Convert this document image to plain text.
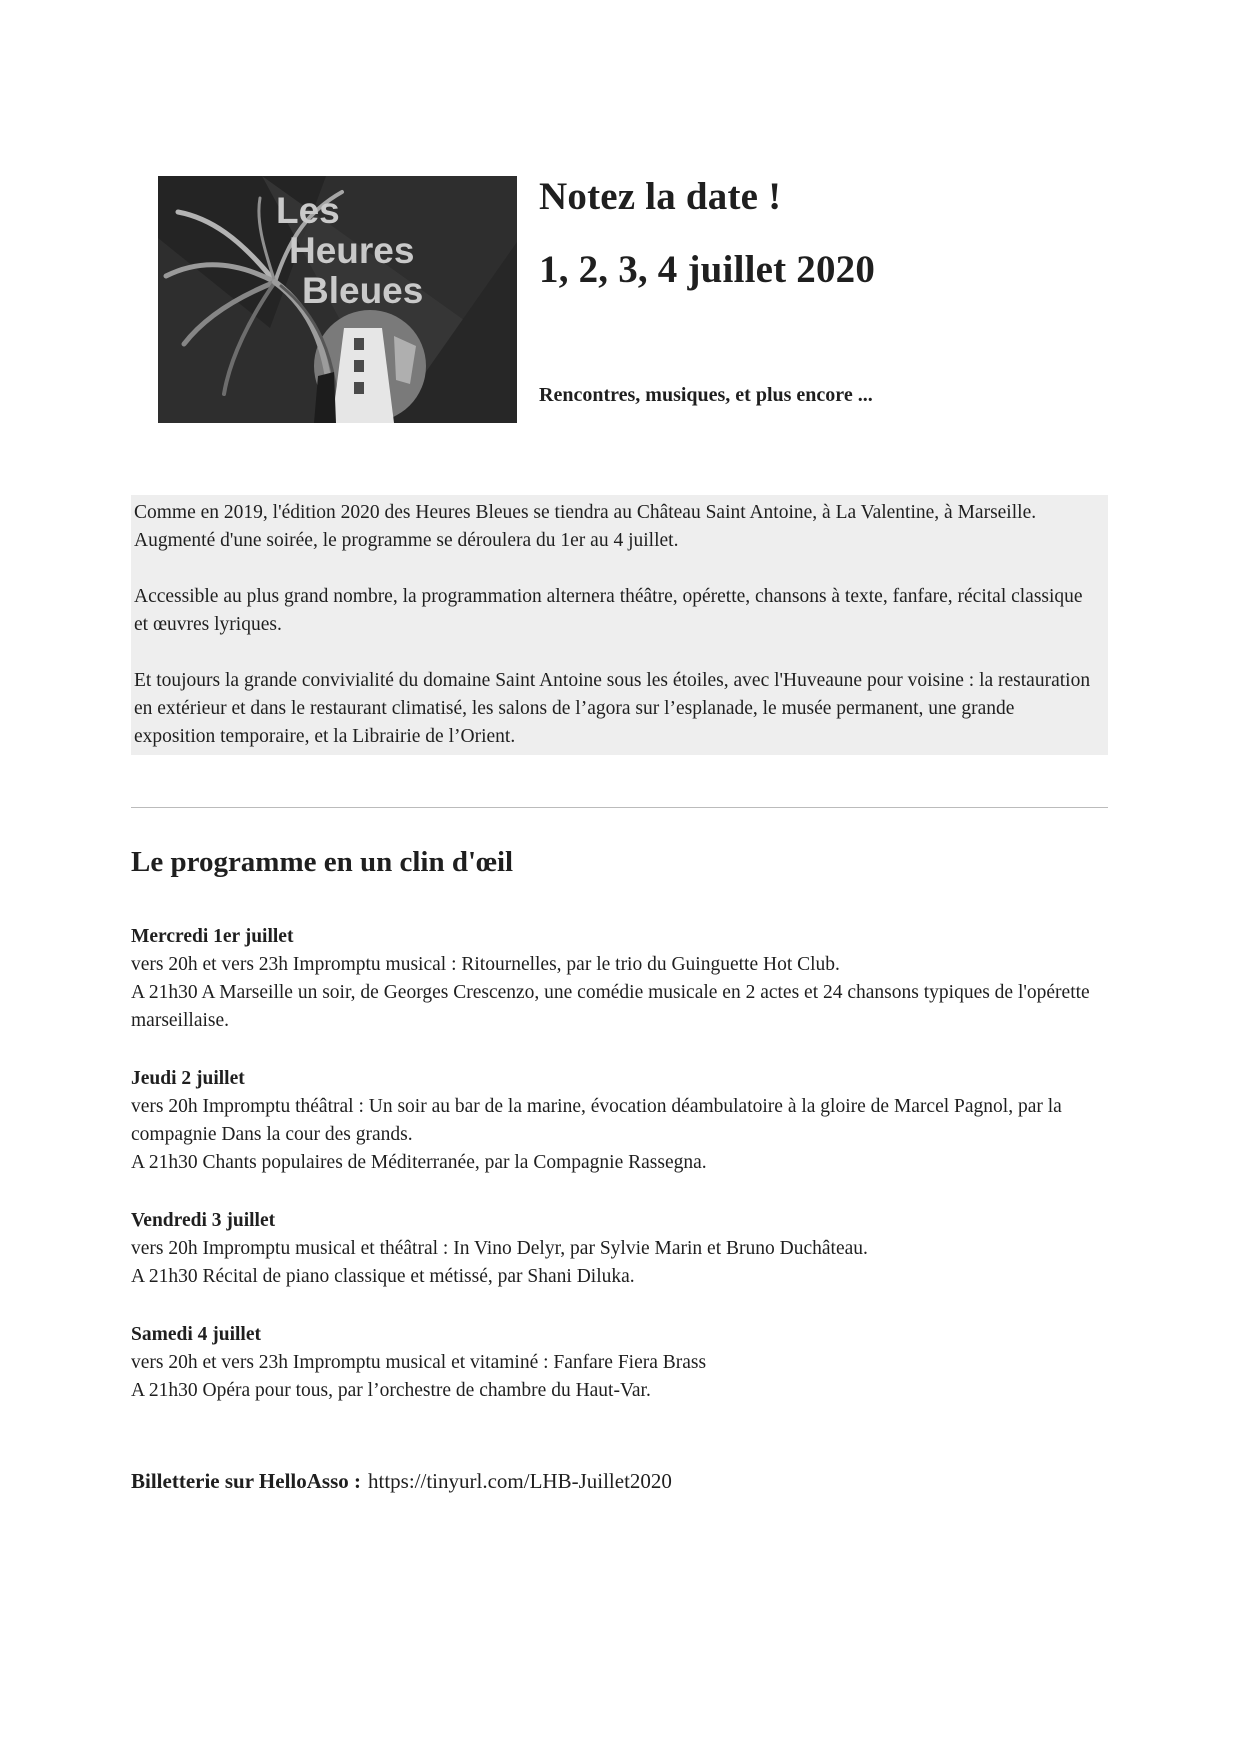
Les
Heures
Bleues
Notez la date !
1, 2, 3, 4 juillet 2020
Rencontres, musiques, et plus encore ...

Comme en 2019, l'édition 2020 des Heures Bleues se tiendra au Château Saint Antoine, à La Valentine, à Marseille. Augmenté d'une soirée, le programme se déroulera du 1er au 4 juillet.

Accessible au plus grand nombre, la programmation alternera théâtre, opérette, chansons à texte, fanfare, récital classique et œuvres lyriques.

Et toujours la grande convivialité du domaine Saint Antoine sous les étoiles, avec l'Huveaune pour voisine : la restauration en extérieur et dans le restaurant climatisé, les salons de l’agora sur l’esplanade, le musée permanent, une grande exposition temporaire, et la Librairie de l’Orient.

Le programme en un clin d'œil
Mercredi 1er juillet
vers 20h et vers 23h Impromptu musical : Ritournelles, par le trio du Guinguette Hot Club.
A 21h30 A Marseille un soir, de Georges Crescenzo, une comédie musicale en 2 actes et 24 chansons typiques de l'opérette marseillaise.
Jeudi 2 juillet
vers 20h Impromptu théâtral : Un soir au bar de la marine, évocation déambulatoire à la gloire de Marcel Pagnol, par la compagnie Dans la cour des grands.
A 21h30 Chants populaires de Méditerranée, par la Compagnie Rassegna.
Vendredi 3 juillet
vers 20h Impromptu musical et théâtral : In Vino Delyr, par Sylvie Marin et Bruno Duchâteau.
A 21h30 Récital de piano classique et métissé, par Shani Diluka.
Samedi 4 juillet
vers 20h et vers 23h Impromptu musical et vitaminé : Fanfare Fiera Brass
A 21h30 Opéra pour tous, par l’orchestre de chambre du Haut-Var.
Billetterie sur HelloAsso : https://tinyurl.com/LHB-Juillet2020
